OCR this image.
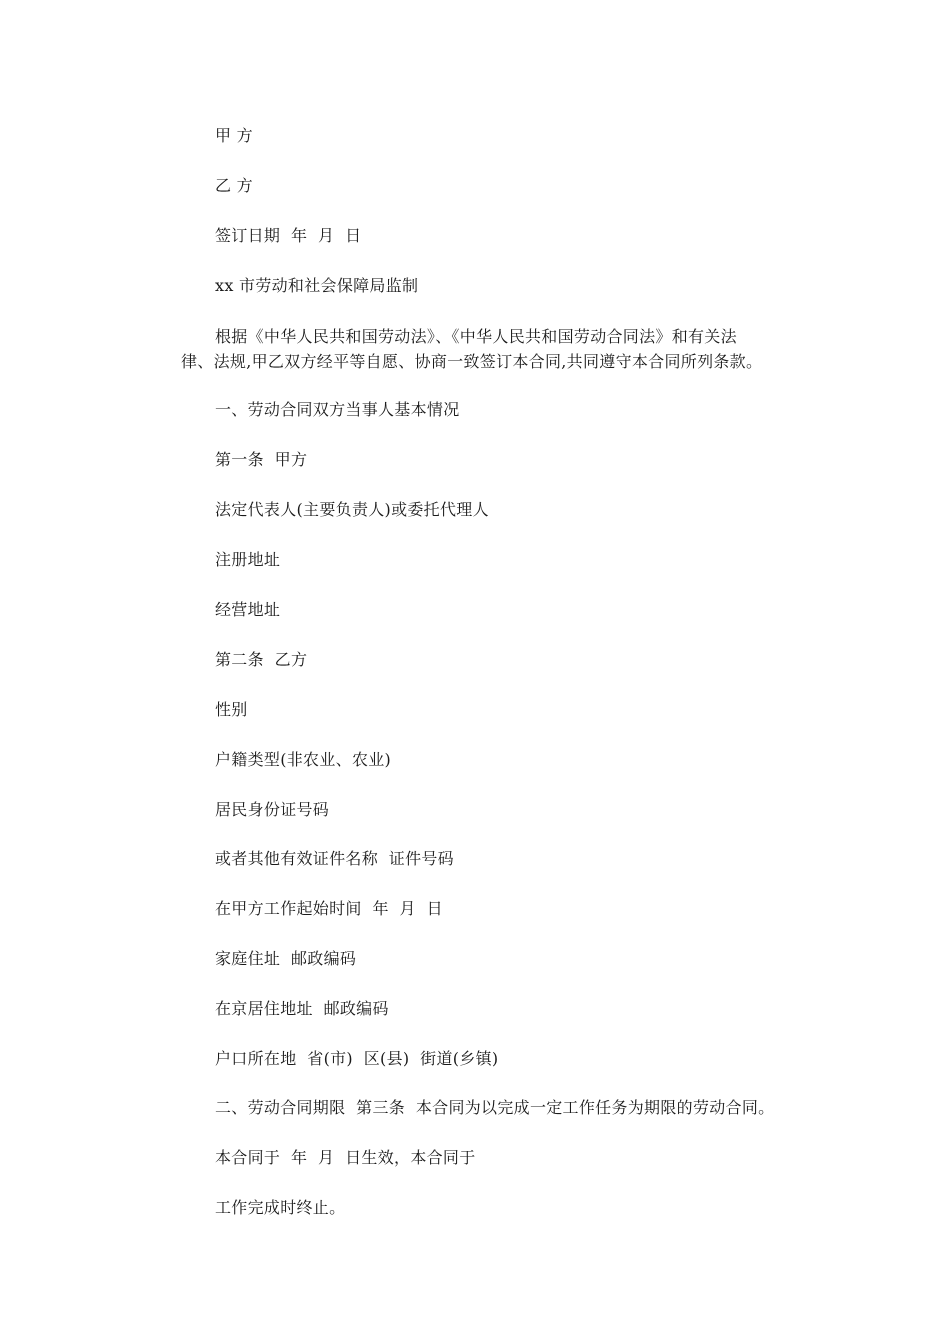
甲 方
乙 方
签订日期  年  月  日
xx 市劳动和社会保障局监制
根据《中华人民共和国劳动法》、《中华人民共和国劳动合同法》和有关法
律、法规,甲乙双方经平等自愿、协商一致签订本合同,共同遵守本合同所列条款。
一、劳动合同双方当事人基本情况
第一条  甲方
法定代表人(主要负责人)或委托代理人
注册地址
经营地址
第二条  乙方
性别
户籍类型(非农业、农业)
居民身份证号码
或者其他有效证件名称  证件号码
在甲方工作起始时间  年  月  日
家庭住址  邮政编码
在京居住地址  邮政编码
户口所在地  省(市)  区(县)  街道(乡镇)
二、劳动合同期限  第三条  本合同为以完成一定工作任务为期限的劳动合同。
本合同于  年  月  日生效，本合同于
工作完成时终止。
